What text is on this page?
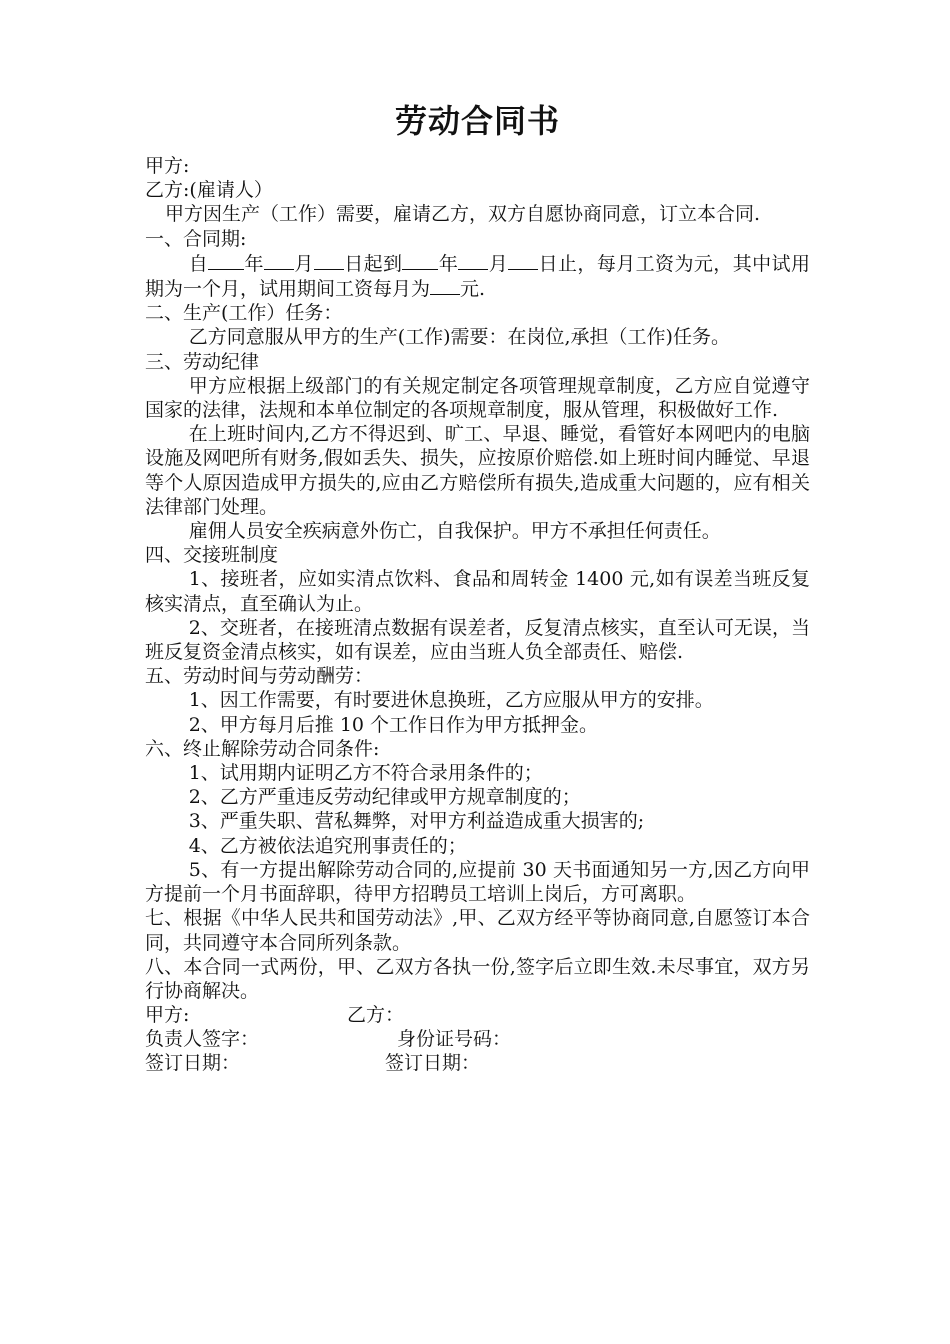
劳动合同书

甲方:

乙方:(雇请人）

甲方因生产（工作）需要，雇请乙方，双方自愿协商同意，订立本合同.

一、合同期:

自 年 月 日起到 年 月 日止，每月工资为元，其中试用期为一个月，试用期间工资每月为 元.

二、生产(工作）任务：

乙方同意服从甲方的生产(工作)需要：在岗位,承担（工作)任务。

三、劳动纪律

甲方应根据上级部门的有关规定制定各项管理规章制度，乙方应自觉遵守国家的法律，法规和本单位制定的各项规章制度，服从管理，积极做好工作.

在上班时间内,乙方不得迟到、旷工、早退、睡觉，看管好本网吧内的电脑设施及网吧所有财务,假如丢失、损失，应按原价赔偿.如上班时间内睡觉、早退等个人原因造成甲方损失的,应由乙方赔偿所有损失,造成重大问题的，应有相关法律部门处理。

雇佣人员安全疾病意外伤亡，自我保护。甲方不承担任何责任。

四、交接班制度

1、接班者，应如实清点饮料、食品和周转金 1400 元,如有误差当班反复核实清点，直至确认为止。

2、交班者，在接班清点数据有误差者，反复清点核实，直至认可无误，当班反复资金清点核实，如有误差，应由当班人负全部责任、赔偿.

五、劳动时间与劳动酬劳：

1、因工作需要，有时要进休息换班，乙方应服从甲方的安排。

2、甲方每月后推 10 个工作日作为甲方抵押金。

六、终止解除劳动合同条件:

1、试用期内证明乙方不符合录用条件的；

2、乙方严重违反劳动纪律或甲方规章制度的；

3、严重失职、营私舞弊，对甲方利益造成重大损害的;

4、乙方被依法追究刑事责任的；

5、有一方提出解除劳动合同的,应提前 30 天书面通知另一方,因乙方向甲方提前一个月书面辞职，待甲方招聘员工培训上岗后，方可离职。

七、根据《中华人民共和国劳动法》,甲、乙双方经平等协商同意,自愿签订本合同，共同遵守本合同所列条款。

八、本合同一式两份，甲、乙双方各执一份,签字后立即生效.未尽事宜，双方另行协商解决。

甲方:	乙方：
负责人签字：	身份证号码：
签订日期：	签订日期：
